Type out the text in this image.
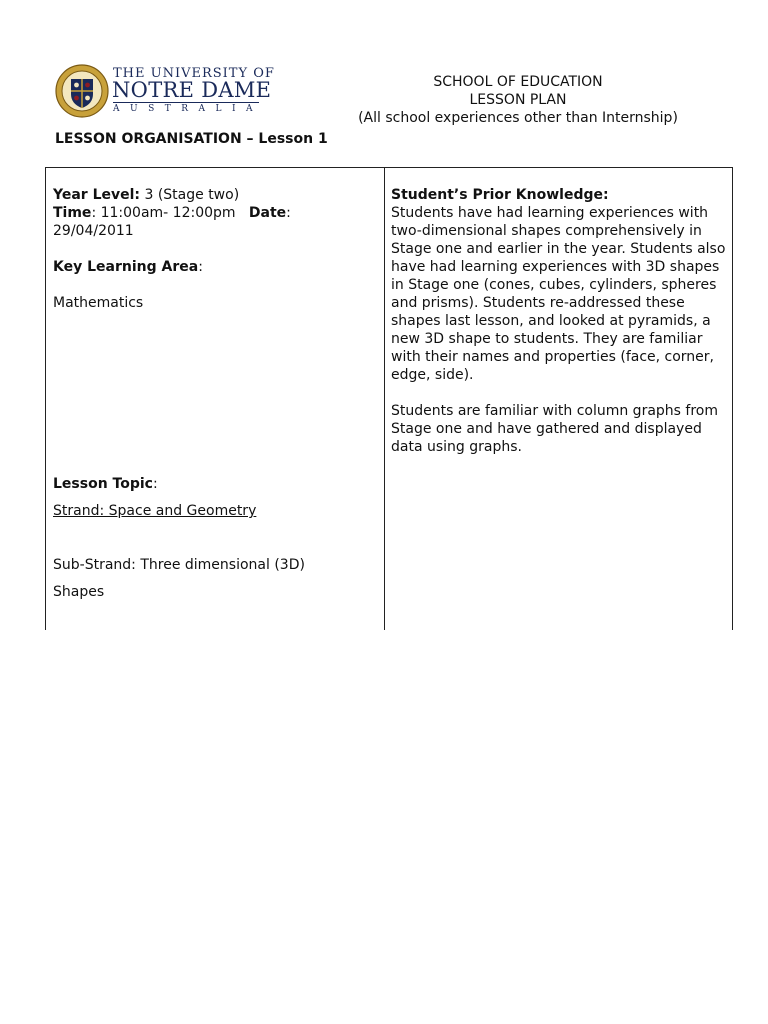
THE UNIVERSITY OF
NOTRE DAME
AUSTRALIA
SCHOOL OF EDUCATION
LESSON PLAN
(All school experiences other than Internship)
LESSON ORGANISATION – Lesson 1

Year Level: 3 (Stage two)

Time: 11:00am- 12:00pm Date:

29/04/2011

Key Learning Area:

Mathematics

Lesson Topic:

Strand: Space and Geometry

Sub-Strand: Three dimensional (3D)

Shapes

Student’s Prior Knowledge:

Students have had learning experiences with two-dimensional shapes comprehensively in Stage one and earlier in the year. Students also have had learning experiences with 3D shapes in Stage one (cones, cubes, cylinders, spheres and prisms). Students re-addressed these shapes last lesson, and looked at pyramids, a new 3D shape to students. They are familiar with their names and properties (face, corner, edge, side).

Students are familiar with column graphs from Stage one and have gathered and displayed data using graphs.
